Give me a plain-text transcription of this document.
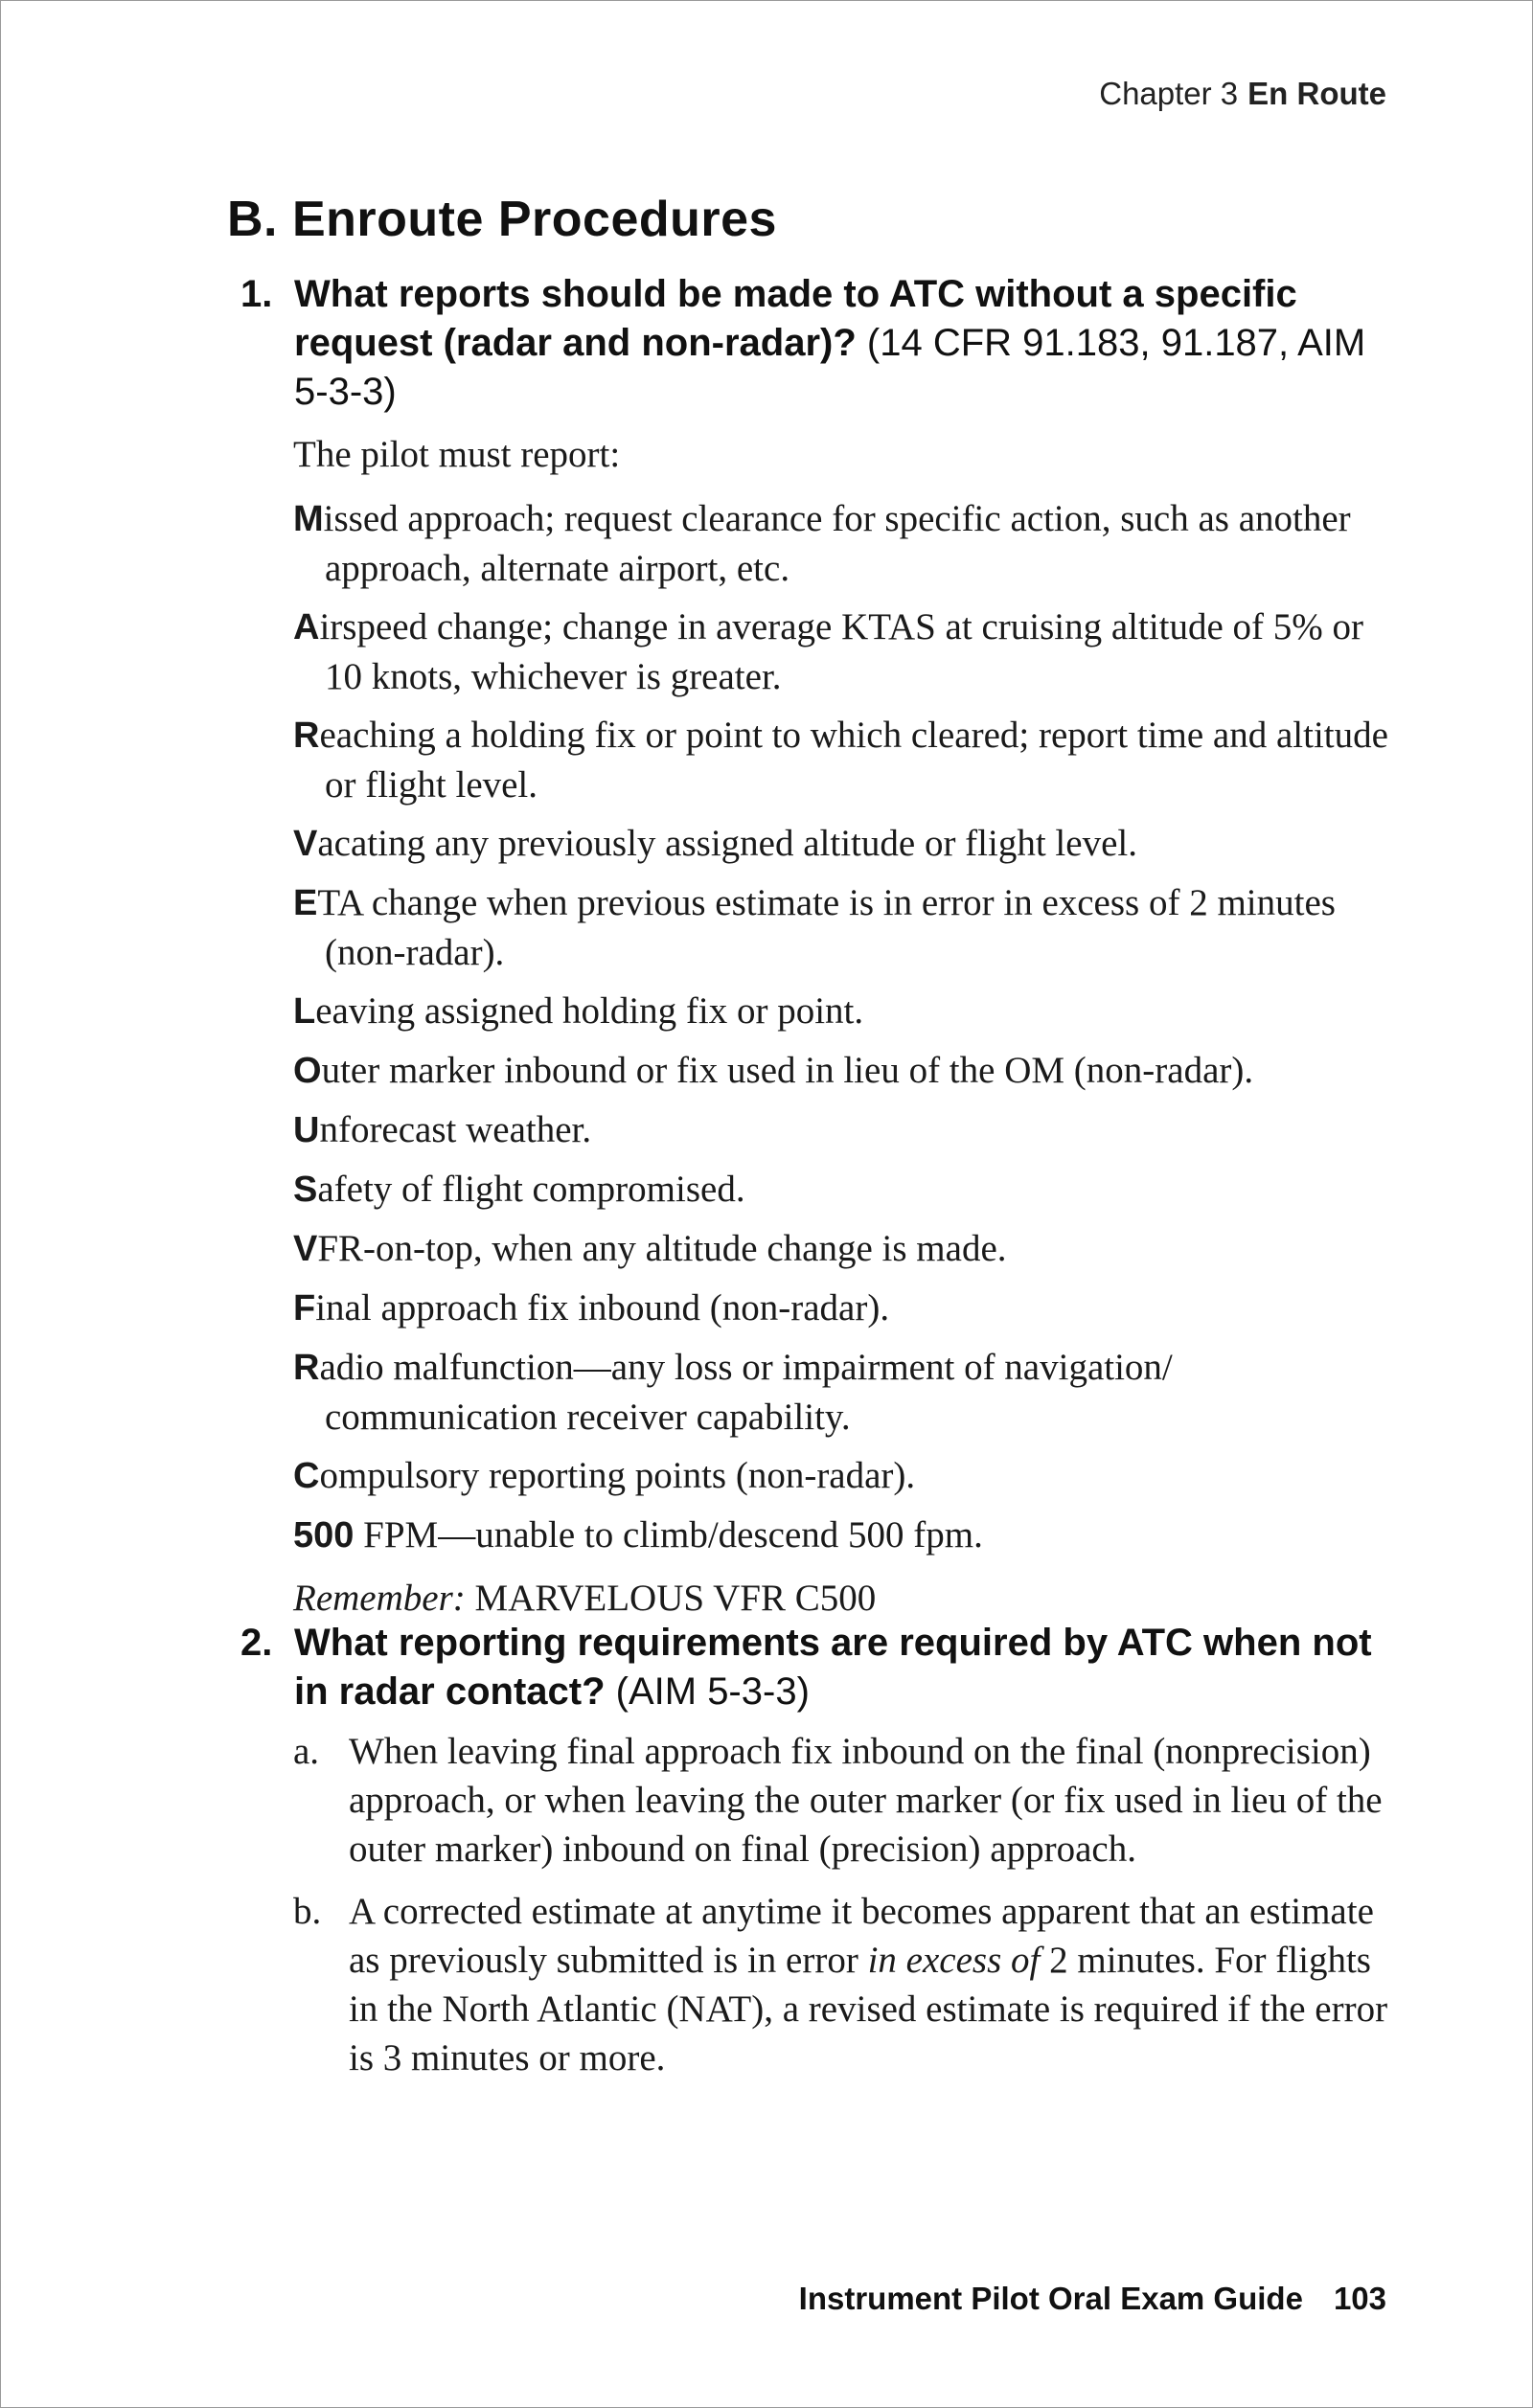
Chapter 3 En Route
B. Enroute Procedures
1. What reports should be made to ATC without a specific request (radar and non-radar)? (14 CFR 91.183, 91.187, AIM 5-3-3)

The pilot must report:

Missed approach; request clearance for specific action, such as another approach, alternate airport, etc.

Airspeed change; change in average KTAS at cruising altitude of 5% or 10 knots, whichever is greater.

Reaching a holding fix or point to which cleared; report time and altitude or flight level.

Vacating any previously assigned altitude or flight level.

ETA change when previous estimate is in error in excess of 2 minutes (non-radar).

Leaving assigned holding fix or point.

Outer marker inbound or fix used in lieu of the OM (non-radar).

Unforecast weather.

Safety of flight compromised.

VFR-on-top, when any altitude change is made.

Final approach fix inbound (non-radar).

Radio malfunction—any loss or impairment of navigation/ communication receiver capability.

Compulsory reporting points (non-radar).

500 FPM—unable to climb/descend 500 fpm.

Remember: MARVELOUS VFR C500

2. What reporting requirements are required by ATC when not in radar contact? (AIM 5-3-3)
a. When leaving final approach fix inbound on the final (nonprecision) approach, or when leaving the outer marker (or fix used in lieu of the outer marker) inbound on final (precision) approach.
b. A corrected estimate at anytime it becomes apparent that an estimate as previously submitted is in error in excess of 2 minutes. For flights in the North Atlantic (NAT), a revised estimate is required if the error is 3 minutes or more.
Instrument Pilot Oral Exam Guide 103
